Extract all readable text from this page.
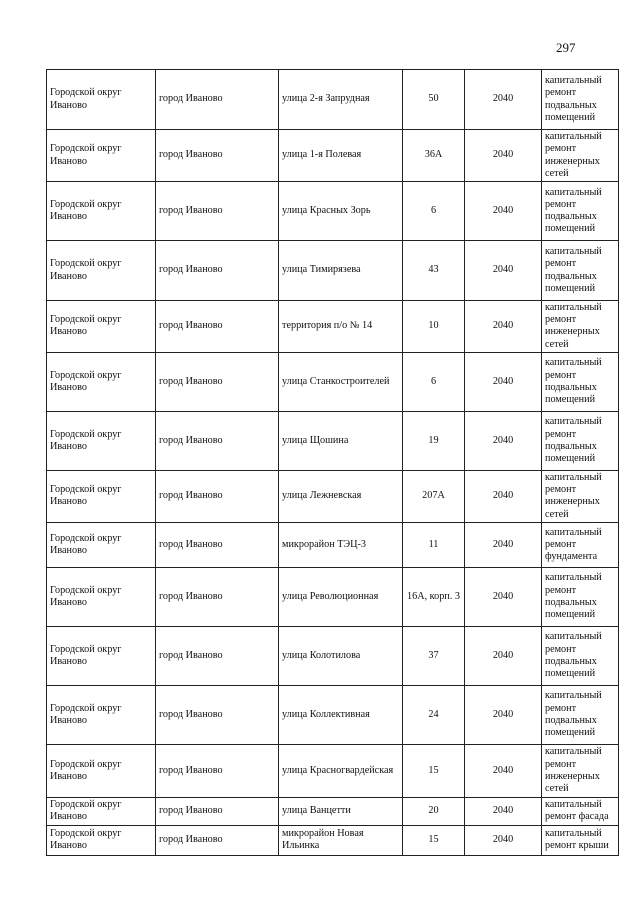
297
Городской округ Иваново	город Иваново	улица 2-я Запрудная	50	2040	капитальный ремонт подвальных помещений
Городской округ Иваново	город Иваново	улица 1-я Полевая	36А	2040	капитальный ремонт инженерных сетей
Городской округ Иваново	город Иваново	улица Красных Зорь	6	2040	капитальный ремонт подвальных помещений
Городской округ Иваново	город Иваново	улица Тимирязева	43	2040	капитальный ремонт подвальных помещений
Городской округ Иваново	город Иваново	территория п/о № 14	10	2040	капитальный ремонт инженерных сетей
Городской округ Иваново	город Иваново	улица Станкостроителей	6	2040	капитальный ремонт подвальных помещений
Городской округ Иваново	город Иваново	улица Щошина	19	2040	капитальный ремонт подвальных помещений
Городской округ Иваново	город Иваново	улица Лежневская	207А	2040	капитальный ремонт инженерных сетей
Городской округ Иваново	город Иваново	микрорайон ТЭЦ-3	11	2040	капитальный ремонт фундамента
Городской округ Иваново	город Иваново	улица Революционная	16А, корп. 3	2040	капитальный ремонт подвальных помещений
Городской округ Иваново	город Иваново	улица Колотилова	37	2040	капитальный ремонт подвальных помещений
Городской округ Иваново	город Иваново	улица Коллективная	24	2040	капитальный ремонт подвальных помещений
Городской округ Иваново	город Иваново	улица Красногвардейская	15	2040	капитальный ремонт инженерных сетей
Городской округ Иваново	город Иваново	улица Ванцетти	20	2040	капитальный ремонт фасада
Городской округ Иваново	город Иваново	микрорайон Новая Ильинка	15	2040	капитальный ремонт крыши
